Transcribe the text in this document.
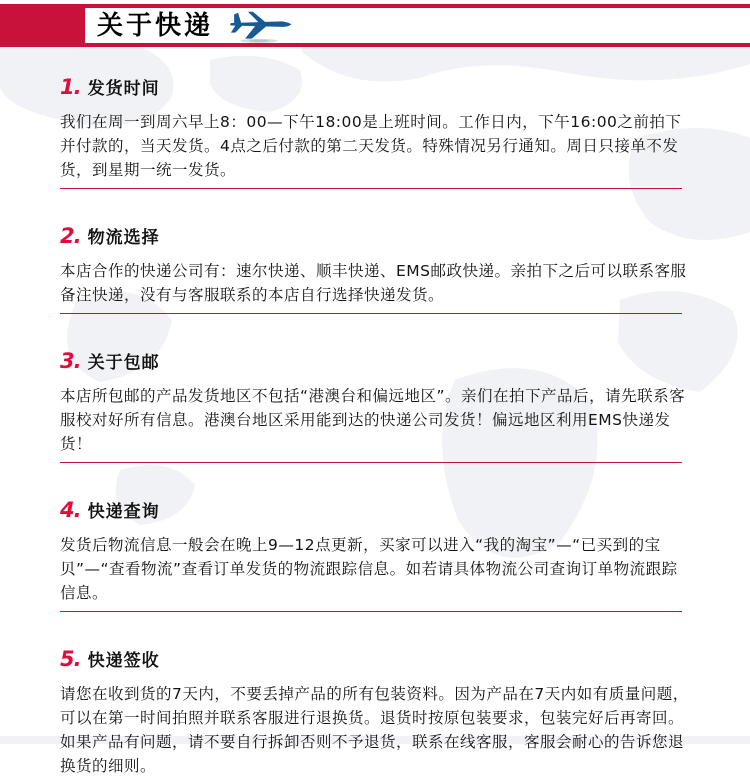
关于快递
1. 发货时间

我们在周一到周六早上8：00—下午18:00是上班时间。工作日内，下午16:00之前拍下并付款的，当天发货。4点之后付款的第二天发货。特殊情况另行通知。周日只接单不发货，到星期一统一发货。

2. 物流选择

本店合作的快递公司有：速尔快递、顺丰快递、EMS邮政快递。亲拍下之后可以联系客服备注快递，没有与客服联系的本店自行选择快递发货。

3. 关于包邮

本店所包邮的产品发货地区不包括“港澳台和偏远地区”。亲们在拍下产品后，请先联系客服校对好所有信息。港澳台地区采用能到达的快递公司发货！偏远地区利用EMS快递发货！

4. 快递查询

发货后物流信息一般会在晚上9—12点更新，买家可以进入“我的淘宝”—“已买到的宝贝”—“查看物流”查看订单发货的物流跟踪信息。如若请具体物流公司查询订单物流跟踪信息。

5. 快递签收

请您在收到货的7天内，不要丢掉产品的所有包装资料。因为产品在7天内如有质量问题，可以在第一时间拍照并联系客服进行退换货。退货时按原包装要求，包装完好后再寄回。如果产品有问题，请不要自行拆卸否则不予退货，联系在线客服，客服会耐心的告诉您退换货的细则。
